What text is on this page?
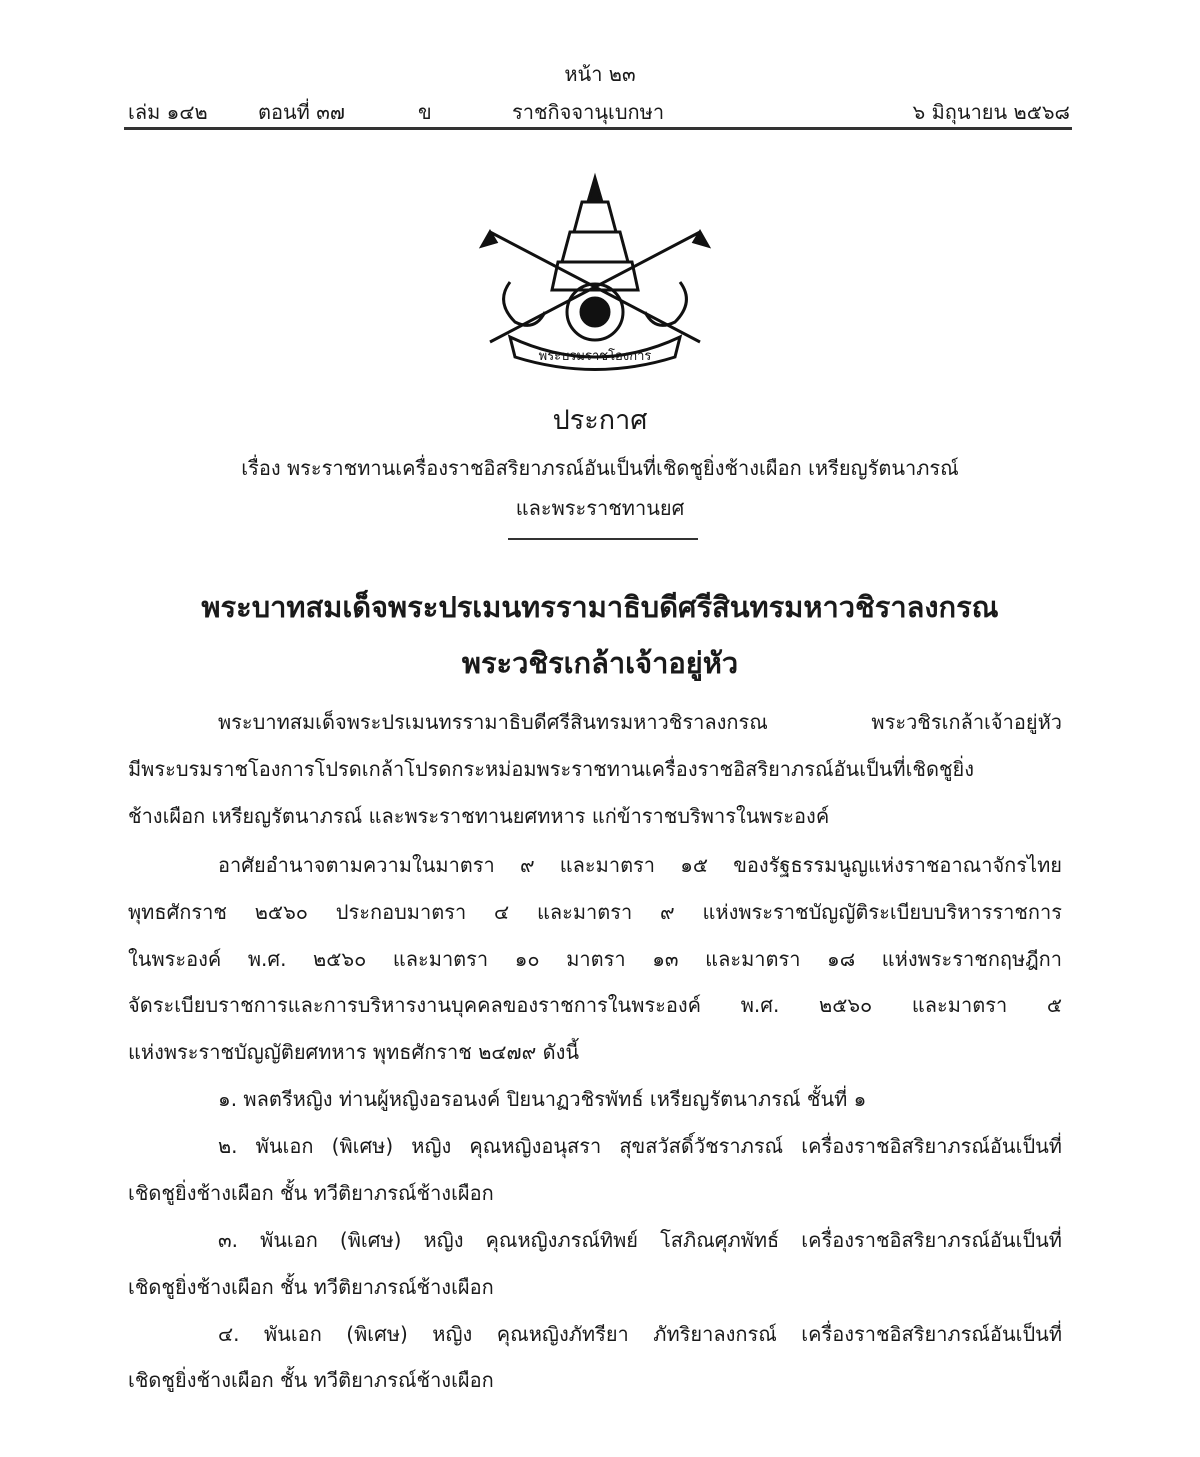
หน้า ๒๓
เล่ม ๑๔๒	ตอนที่ ๓๗	ข	ราชกิจจานุเบกษา	๖ มิถุนายน ๒๕๖๘
พระบรมราชโองการ
ประกาศ
เรื่อง พระราชทานเครื่องราชอิสริยาภรณ์อันเป็นที่เชิดชูยิ่งช้างเผือก เหรียญรัตนาภรณ์
และพระราชทานยศ
พระบาทสมเด็จพระปรเมนทรรามาธิบดีศรีสินทรมหาวชิราลงกรณ
พระวชิรเกล้าเจ้าอยู่หัว
พระบาทสมเด็จพระปรเมนทรรามาธิบดีศรีสินทรมหาวชิราลงกรณ พระวชิรเกล้าเจ้าอยู่หัว
มีพระบรมราชโองการโปรดเกล้าโปรดกระหม่อมพระราชทานเครื่องราชอิสริยาภรณ์อันเป็นที่เชิดชูยิ่ง
ช้างเผือก เหรียญรัตนาภรณ์ และพระราชทานยศทหาร แก่ข้าราชบริพารในพระองค์
อาศัยอำนาจตามความในมาตรา ๙ และมาตรา ๑๕ ของรัฐธรรมนูญแห่งราชอาณาจักรไทย
พุทธศักราช ๒๕๖๐ ประกอบมาตรา ๔ และมาตรา ๙ แห่งพระราชบัญญัติระเบียบบริหารราชการ
ในพระองค์ พ.ศ. ๒๕๖๐ และมาตรา ๑๐ มาตรา ๑๓ และมาตรา ๑๘ แห่งพระราชกฤษฎีกา
จัดระเบียบราชการและการบริหารงานบุคคลของราชการในพระองค์ พ.ศ. ๒๕๖๐ และมาตรา ๕
แห่งพระราชบัญญัติยศทหาร พุทธศักราช ๒๔๗๙ ดังนี้
๑. พลตรีหญิง ท่านผู้หญิงอรอนงค์ ปิยนาฏวชิรพัทธ์ เหรียญรัตนาภรณ์ ชั้นที่ ๑
๒. พันเอก (พิเศษ) หญิง คุณหญิงอนุสรา สุขสวัสดิ์วัชราภรณ์ เครื่องราชอิสริยาภรณ์อันเป็นที่
เชิดชูยิ่งช้างเผือก ชั้น ทวีติยาภรณ์ช้างเผือก
๓. พันเอก (พิเศษ) หญิง คุณหญิงภรณ์ทิพย์ โสภิณศุภพัทธ์ เครื่องราชอิสริยาภรณ์อันเป็นที่
เชิดชูยิ่งช้างเผือก ชั้น ทวีติยาภรณ์ช้างเผือก
๔. พันเอก (พิเศษ) หญิง คุณหญิงภัทรียา ภัทริยาลงกรณ์ เครื่องราชอิสริยาภรณ์อันเป็นที่
เชิดชูยิ่งช้างเผือก ชั้น ทวีติยาภรณ์ช้างเผือก
